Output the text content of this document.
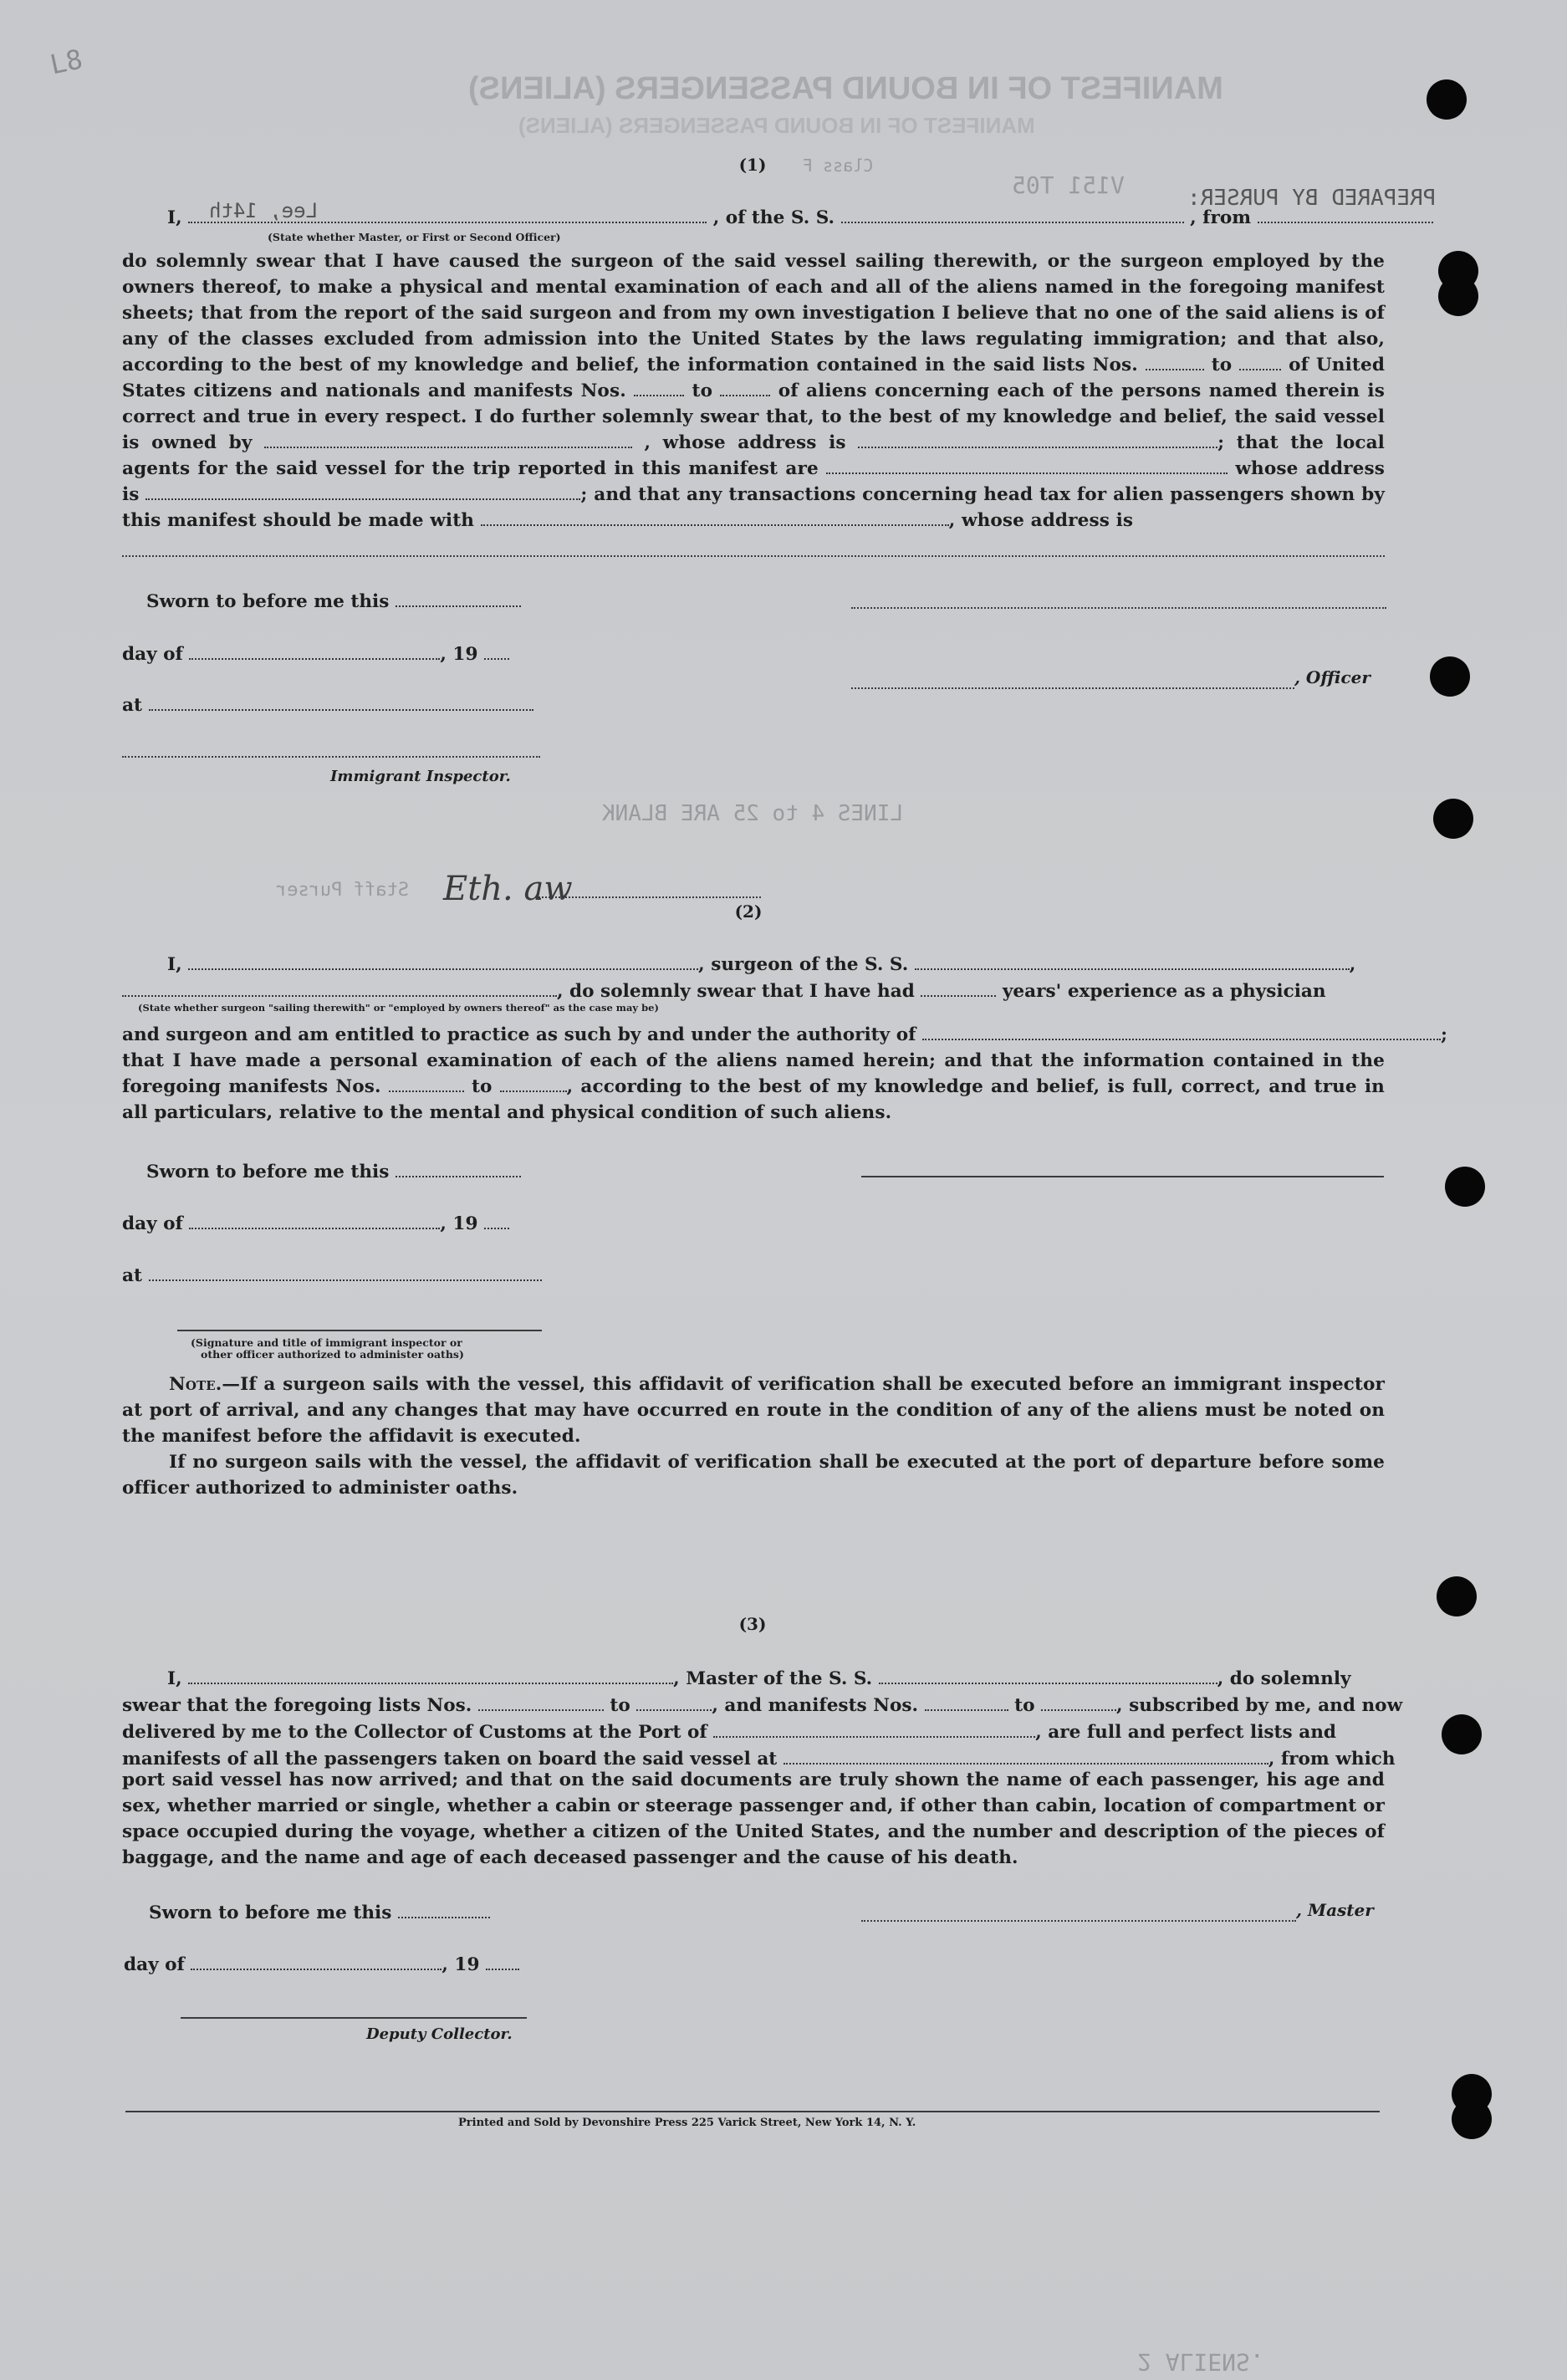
L8
MANIFEST OF IN BOUND PASSENGERS (ALIENS)
MANIFEST OF IN BOUND PASSENGERS (ALIENS)
Class F
V151 T05	PREPARED BY PURSER:
(1)
I,	, of the S. S.	, from
Lee, 14th
(State whether Master, or First or Second Officer)

do solemnly swear that I have caused the surgeon of the said vessel sailing therewith, or the surgeon employed by the owners thereof, to make a physical and mental examination of each and all of the aliens named in the foregoing manifest sheets; that from the report of the said surgeon and from my own investigation I believe that no one of the said aliens is of any of the classes excluded from admission into the United States by the laws regulating immigration; and that also, according to the best of my knowledge and belief, the information contained in the said lists Nos.	to	of United States citizens and nationals and manifests Nos.	to	of aliens concerning each of the persons named therein is correct and true in every respect. I do further solemnly swear that, to the best of my knowledge and belief, the said vessel is owned by	, whose address is	; that the local agents for the said vessel for the trip reported in this manifest are	whose address is	; and that any transactions concerning head tax for alien passengers shown by this manifest should be made with	, whose address is

Sworn to before me this
day of	, 19
, Officer
at
Immigrant Inspector.
LINES 4 to 25 ARE BLANK
Eth. aw
Staff Purser
(2)
I,	, surgeon of the S. S.	,
, do solemnly swear that I have had	years' experience as a physician
(State whether surgeon "sailing therewith" or "employed by owners thereof" as the case may be)
and surgeon and am entitled to practice as such by and under the authority of	;

that I have made a personal examination of each of the aliens named herein; and that the information contained in the foregoing manifests Nos.	to	, according to the best of my knowledge and belief, is full, correct, and true in all particulars, relative to the mental and physical condition of such aliens.

Sworn to before me this
day of	, 19
at
(Signature and title of immigrant inspector or
other officer authorized to administer oaths)

Note.—If a surgeon sails with the vessel, this affidavit of verification shall be executed before an immigrant inspector at port of arrival, and any changes that may have occurred en route in the condition of any of the aliens must be noted on the manifest before the affidavit is executed.

If no surgeon sails with the vessel, the affidavit of verification shall be executed at the port of departure before some officer authorized to administer oaths.

(3)
I,	, Master of the S. S.	, do solemnly
swear that the foregoing lists Nos.	to	, and manifests Nos.	to	, subscribed by me, and now
delivered by me to the Collector of Customs at the Port of	, are full and perfect lists and
manifests of all the passengers taken on board the said vessel at	, from which

port said vessel has now arrived; and that on the said documents are truly shown the name of each passenger, his age and sex, whether married or single, whether a cabin or steerage passenger and, if other than cabin, location of compartment or space occupied during the voyage, whether a citizen of the United States, and the number and description of the pieces of baggage, and the name and age of each deceased passenger and the cause of his death.

Sworn to before me this	, Master
day of	, 19
Deputy Collector.
Printed and Sold by Devonshire Press 225 Varick Street, New York 14, N. Y.
2 ALIENS.
